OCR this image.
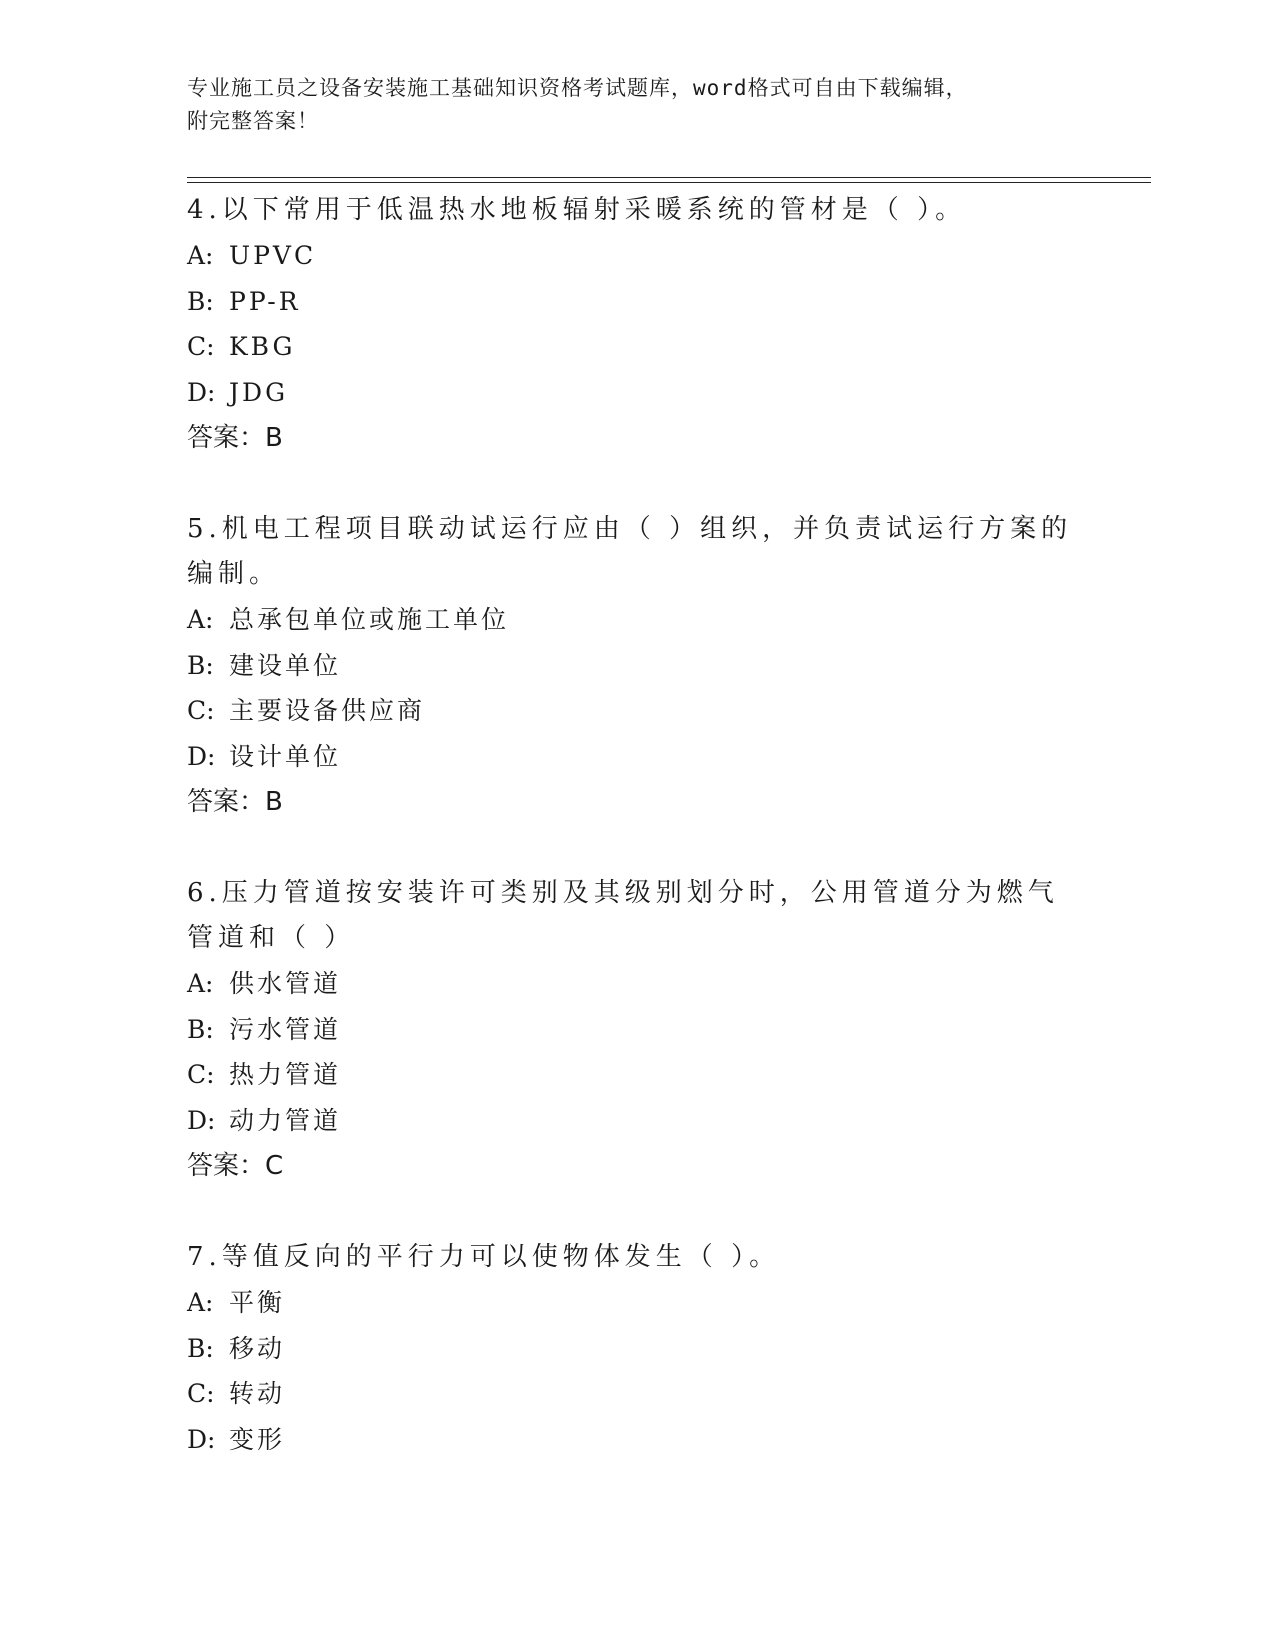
专业施工员之设备安装施工基础知识资格考试题库，word格式可自由下载编辑，
附完整答案！

4.以下常用于低温热水地板辐射采暖系统的管材是（ ）。

A: UPVC

B: PP-R

C: KBG

D: JDG

答案：B

5.机电工程项目联动试运行应由（ ）组织，并负责试运行方案的编制。

A: 总承包单位或施工单位

B: 建设单位

C: 主要设备供应商

D: 设计单位

答案：B

6.压力管道按安装许可类别及其级别划分时，公用管道分为燃气管道和（ ）

A: 供水管道

B: 污水管道

C: 热力管道

D: 动力管道

答案：C

7.等值反向的平行力可以使物体发生（ ）。

A: 平衡

B: 移动

C: 转动

D: 变形
